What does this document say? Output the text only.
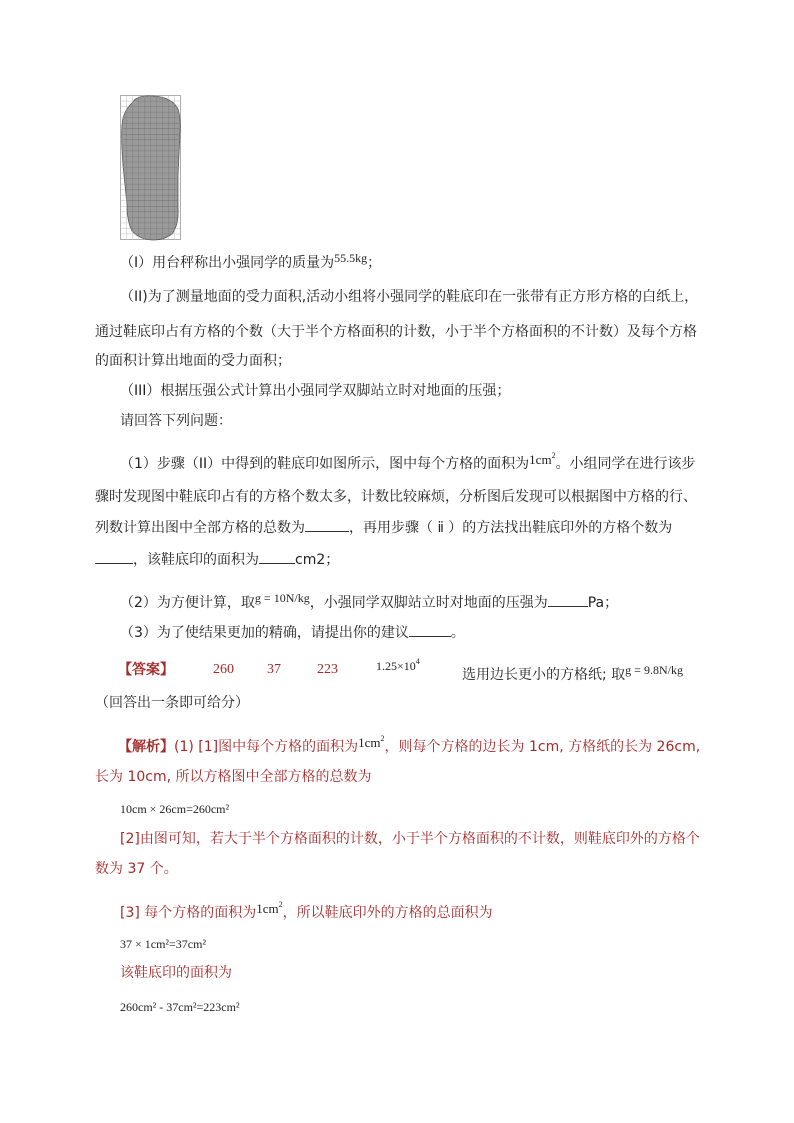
（I）用台秤称出小强同学的质量为55.5kg；
（II)为了测量地面的受力面积,活动小组将小强同学的鞋底印在一张带有正方形方格的白纸上，
通过鞋底印占有方格的个数（大于半个方格面积的计数，小于半个方格面积的不计数）及每个方格
的面积计算出地面的受力面积；
（III）根据压强公式计算出小强同学双脚站立时对地面的压强；
请回答下列问题：
（1）步骤（II）中得到的鞋底印如图所示，图中每个方格的面积为$1cm^2$。小组同学在进行该步
骤时发现图中鞋底印占有的方格个数太多，计数比较麻烦，分析图后发现可以根据图中方格的行、
列数计算出图中全部方格的总数为	，再用步骤（ ⅱ ）的方法找出鞋底印外的方格个数为
，该鞋底印的面积为	cm2；
（2）为方便计算，取g = 10N/kg，小强同学双脚站立时对地面的压强为	Pa；
（3）为了使结果更加的精确，请提出你的建议	。
【答案】	260 37	223	$1.25\times 10^4$
选用边长更小的方格纸; 取g = 9.8N/kg
（回答出一条即可给分）
【解析】(1) [1]图中每个方格的面积为$1cm^2$，则每个方格的边长为 1cm, 方格纸的长为 26cm,
长为 10cm, 所以方格图中全部方格的总数为
10cm × 26cm=260cm²
[2]由图可知，若大于半个方格面积的计数，小于半个方格面积的不计数，则鞋底印外的方格个
数为 37 个。
[3] 每个方格的面积为$1cm^2$，所以鞋底印外的方格的总面积为
37 × 1cm²=37cm²
该鞋底印的面积为
260cm² - 37cm²=223cm²
